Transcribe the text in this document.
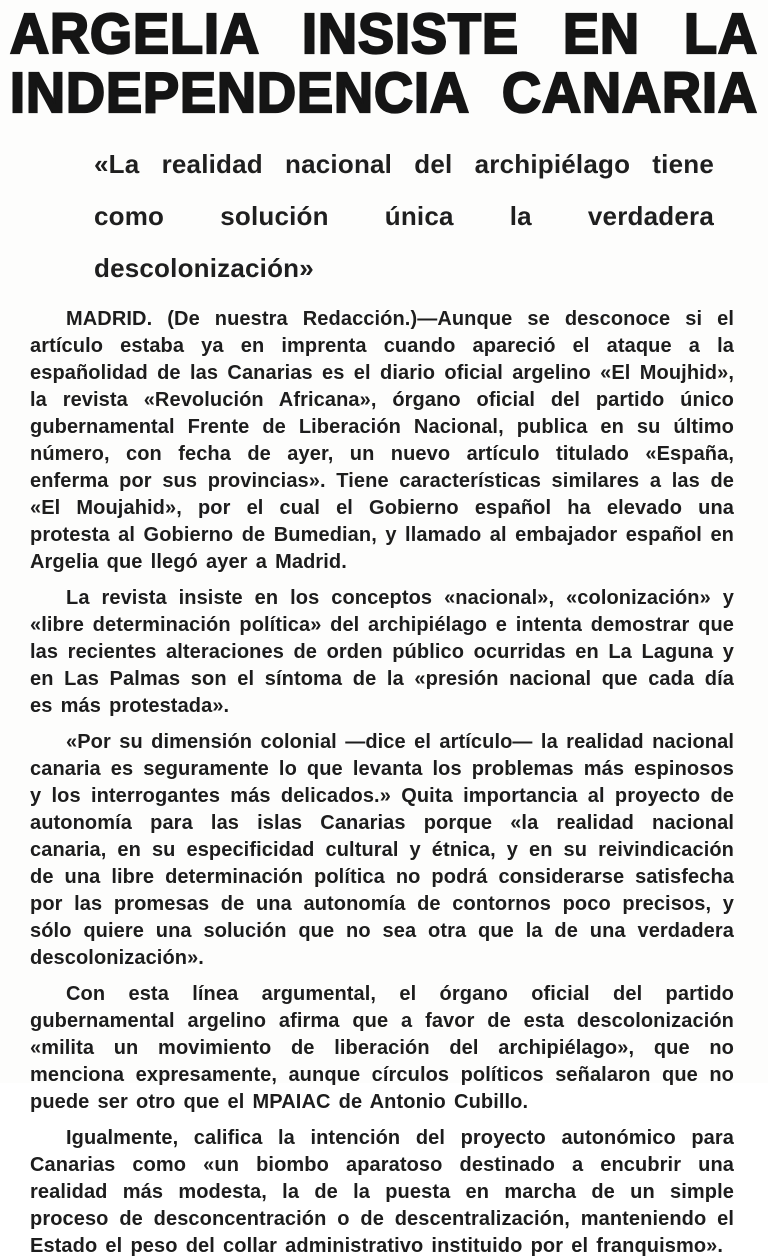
ARGELIA INSISTE EN LA
INDEPENDENCIA CANARIA
«La realidad nacional del archipiélago tiene como solución única la verdadera descolonización»

MADRID. (De nuestra Redacción.)—Aunque se desconoce si el artículo estaba ya en imprenta cuando apareció el ataque a la españolidad de las Canarias es el diario oficial argelino «El Moujhid», la revista «Revolución Africana», órgano oficial del partido único gubernamental Frente de Liberación Nacional, publica en su último número, con fecha de ayer, un nuevo artículo titulado «España, enferma por sus provincias». Tiene características similares a las de «El Moujahid», por el cual el Gobierno español ha elevado una protesta al Gobierno de Bumedian, y llamado al embajador español en Argelia que llegó ayer a Madrid.

La revista insiste en los conceptos «nacional», «colonización» y «libre determinación política» del archipiélago e intenta demostrar que las recientes alteraciones de orden público ocurridas en La Laguna y en Las Palmas son el síntoma de la «presión nacional que cada día es más protestada».

«Por su dimensión colonial —dice el artículo— la realidad nacional canaria es seguramente lo que levanta los problemas más espinosos y los interrogantes más delicados.» Quita importancia al proyecto de autonomía para las islas Canarias porque «la realidad nacional canaria, en su especificidad cultural y étnica, y en su reivindicación de una libre determinación política no podrá considerarse satisfecha por las promesas de una autonomía de contornos poco precisos, y sólo quiere una solución que no sea otra que la de una verdadera descolonización».

Con esta línea argumental, el órgano oficial del partido gubernamental argelino afirma que a favor de esta descolonización «milita un movimiento de liberación del archipiélago», que no menciona expresamente, aunque círculos políticos señalaron que no puede ser otro que el MPAIAC de Antonio Cubillo.

Igualmente, califica la intención del proyecto autonómico para Canarias como «un biombo aparatoso destinado a encubrir una realidad más modesta, la de la puesta en marcha de un simple proceso de desconcentración o de descentralización, manteniendo el Estado el peso del collar administrativo instituido por el franquismo».
